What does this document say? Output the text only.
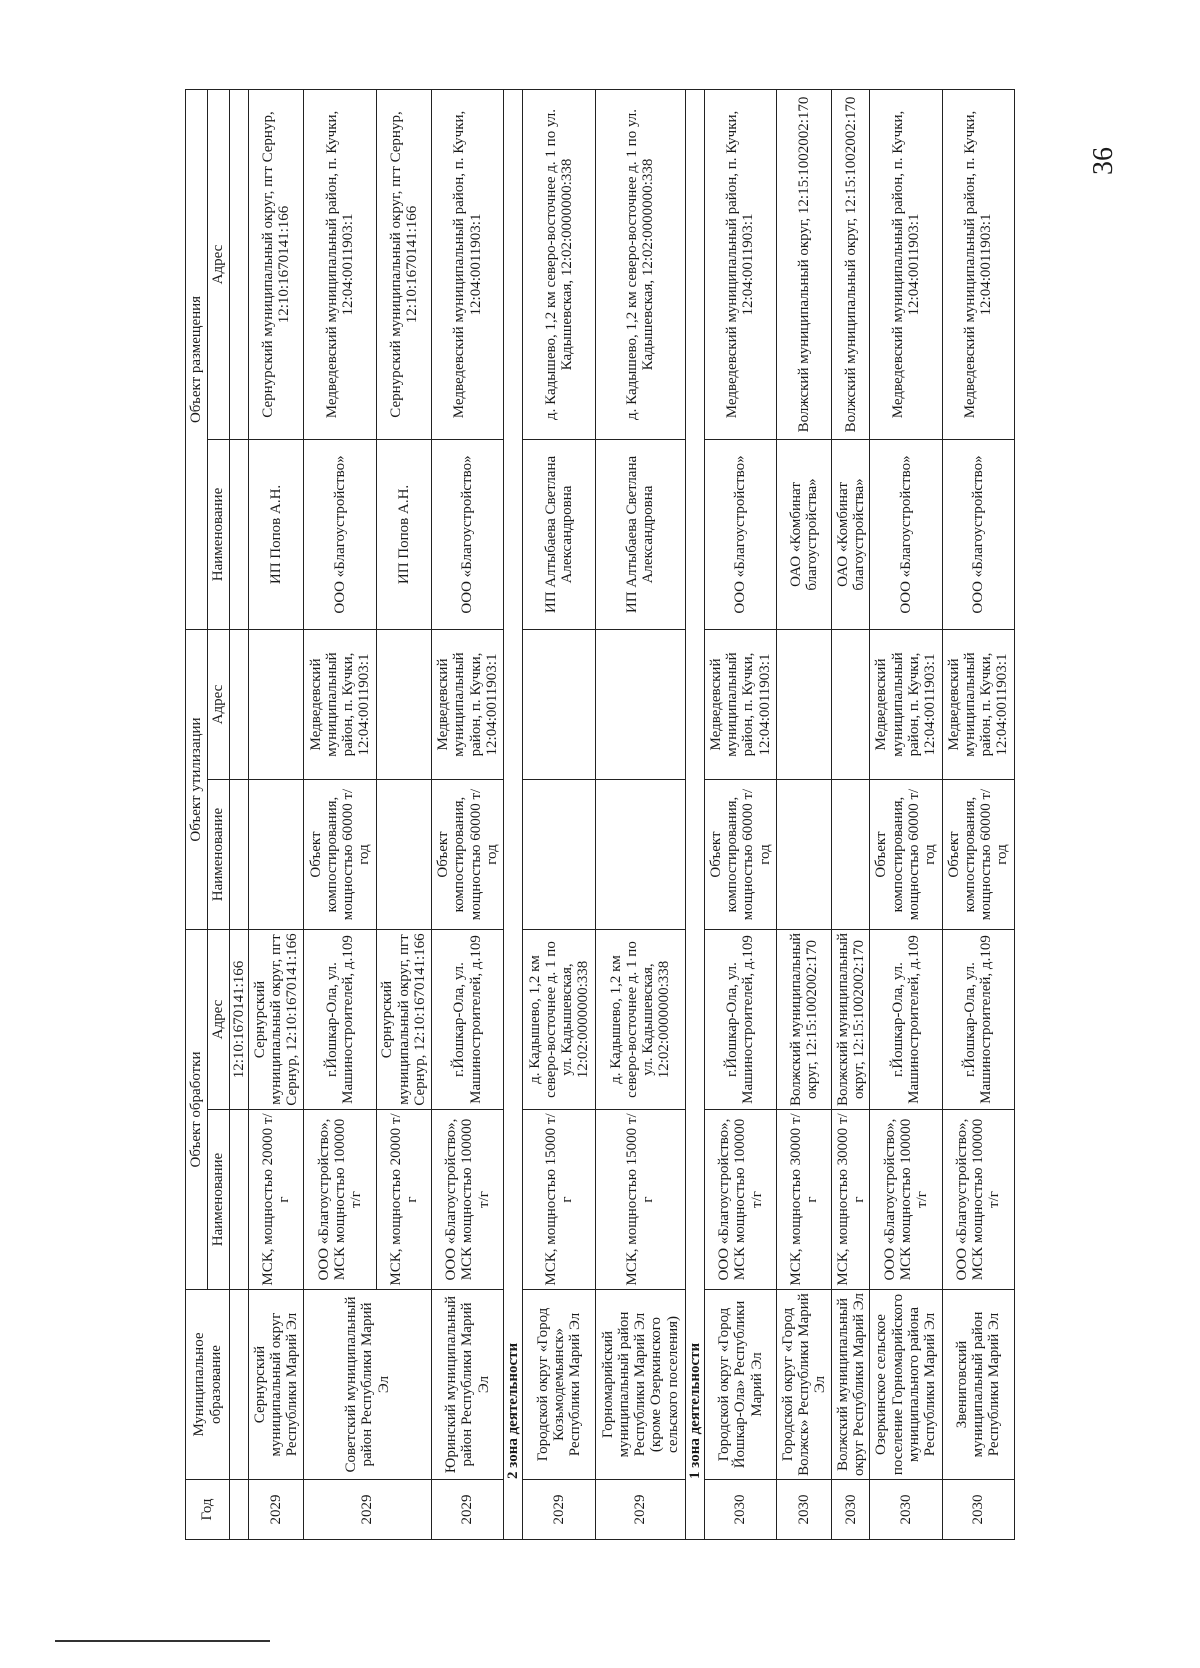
36
Год	Муниципальное образование	Объект обработки		Объект утилизации		Объект размещения	
		Наименование	Адрес	Наименование	Адрес	Наименование	Адрес
			12:10:1670141:166				
2029	Сернурский муниципальный округ Республики Марий Эл	МСК, мощностью 20000 т/г	Сернурский муниципальный округ, пгт Сернур, 12:10:1670141:166			ИП Попов А.Н.	Сернурский муниципальный округ, пгт Сернур, 12:10:1670141:166
2029	Советский муниципальный район Республики Марий Эл	ООО «Благоустройство», МСК мощностью 100000 т/г	г.Йошкар-Ола, ул. Машиностроителей, д.109	Объект компостирования, мощностью 60000 т/год	Медведевский муниципальный район, п. Кучки, 12:04:0011903:1	ООО «Благоустройство»	Медведевский муниципальный район, п. Кучки, 12:04:0011903:1
		МСК, мощностью 20000 т/г	Сернурский муниципальный округ, пгт Сернур, 12:10:1670141:166			ИП Попов А.Н.	Сернурский муниципальный округ, пгт Сернур, 12:10:1670141:166
2029	Юринский муниципальный район Республики Марий Эл	ООО «Благоустройство», МСК мощностью 100000 т/г	г.Йошкар-Ола, ул. Машиностроителей, д.109	Объект компостирования, мощностью 60000 т/год	Медведевский муниципальный район, п. Кучки, 12:04:0011903:1	ООО «Благоустройство»	Медведевский муниципальный район, п. Кучки, 12:04:0011903:1
2 зона деятельности							
2029	Городской округ «Город Козьмодемьянск» Республики Марий Эл	МСК, мощностью 15000 т/г	д. Кадышево, 1,2 км северо-восточнее д. 1 по ул. Кадышевская, 12:02:0000000:338			ИП Алтыбаева Светлана Александровна	д. Кадышево, 1,2 км северо-восточнее д. 1 по ул. Кадышевская, 12:02:0000000:338
2029	Горномарийский муниципальный район Республики Марий Эл (кроме Озеркинского сельского поселения)	МСК, мощностью 15000 т/г	д. Кадышево, 1,2 км северо-восточнее д. 1 по ул. Кадышевская, 12:02:0000000:338			ИП Алтыбаева Светлана Александровна	д. Кадышево, 1,2 км северо-восточнее д. 1 по ул. Кадышевская, 12:02:0000000:338
1 зона деятельности							
2030	Городской округ «Город Йошкар-Ола» Республики Марий Эл	ООО «Благоустройство», МСК мощностью 100000 т/г	г.Йошкар-Ола, ул. Машиностроителей, д.109	Объект компостирования, мощностью 60000 т/год	Медведевский муниципальный район, п. Кучки, 12:04:0011903:1	ООО «Благоустройство»	Медведевский муниципальный район, п. Кучки, 12:04:0011903:1
2030	Городской округ «Город Волжск» Республики Марий Эл	МСК, мощностью 30000 т/г	Волжский муниципальный округ, 12:15:1002002:170			ОАО «Комбинат благоустройства»	Волжский муниципальный округ, 12:15:1002002:170
2030	Волжский муниципальный округ Республики Марий Эл	МСК, мощностью 30000 т/г	Волжский муниципальный округ, 12:15:1002002:170			ОАО «Комбинат благоустройства»	Волжский муниципальный округ, 12:15:1002002:170
2030	Озеркинское сельское поселение Горномарийского муниципального района Республики Марий Эл	ООО «Благоустройство», МСК мощностью 100000 т/г	г.Йошкар-Ола, ул. Машиностроителей, д.109	Объект компостирования, мощностью 60000 т/год	Медведевский муниципальный район, п. Кучки, 12:04:0011903:1	ООО «Благоустройство»	Медведевский муниципальный район, п. Кучки, 12:04:0011903:1
2030	Звениговский муниципальный район Республики Марий Эл	ООО «Благоустройство», МСК мощностью 100000 т/г	г.Йошкар-Ола, ул. Машиностроителей, д.109	Объект компостирования, мощностью 60000 т/год	Медведевский муниципальный район, п. Кучки, 12:04:0011903:1	ООО «Благоустройство»	Медведевский муниципальный район, п. Кучки, 12:04:0011903:1
